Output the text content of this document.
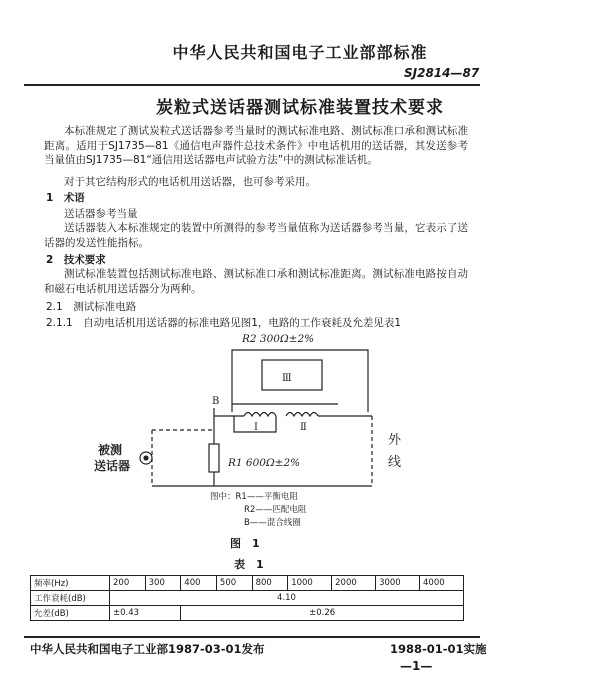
中华人民共和国电子工业部部标准
SJ2814—87
炭粒式送话器测试标准装置技术要求
本标准规定了测试炭粒式送话器参考当量时的测试标准电路、测试标准口承和测试标准距离。适用于SJ1735—81《通信电声器件总技术条件》中电话机用的送话器，其发送参考当量值由SJ1735—81“通信用送话器电声试验方法”中的测试标准话机。
对于其它结构形式的电话机用送话器，也可参考采用。
1　术语
送话器参考当量
送话器装入本标准规定的装置中所测得的参考当量值称为送话器参考当量，它表示了送话器的发送性能指标。
2　技术要求
测试标准装置包括测试标准电路、测试标准口承和测试标准距离。测试标准电路按自动和磁石电话机用送话器分为两种。
2.1　测试标准电路
2.1.1　自动电话机用送话器的标准电路见图1，电路的工作衰耗及允差见表1
R2 300Ω±2%
Ⅲ
Ⅰ	Ⅱ
B
R1 600Ω±2%
被测
送话器
外
线
图中：R1——平衡电阻
R2——匹配电阻
B——混合线圈
图　1
表　1
频率(Hz)	200	300	400	500	800	1000	2000	3000	4000
工作衰耗(dB)	4.10								
允差(dB)	±0.43		±0.26						
中华人民共和国电子工业部1987-03-01发布	1988-01-01实施
—1—
